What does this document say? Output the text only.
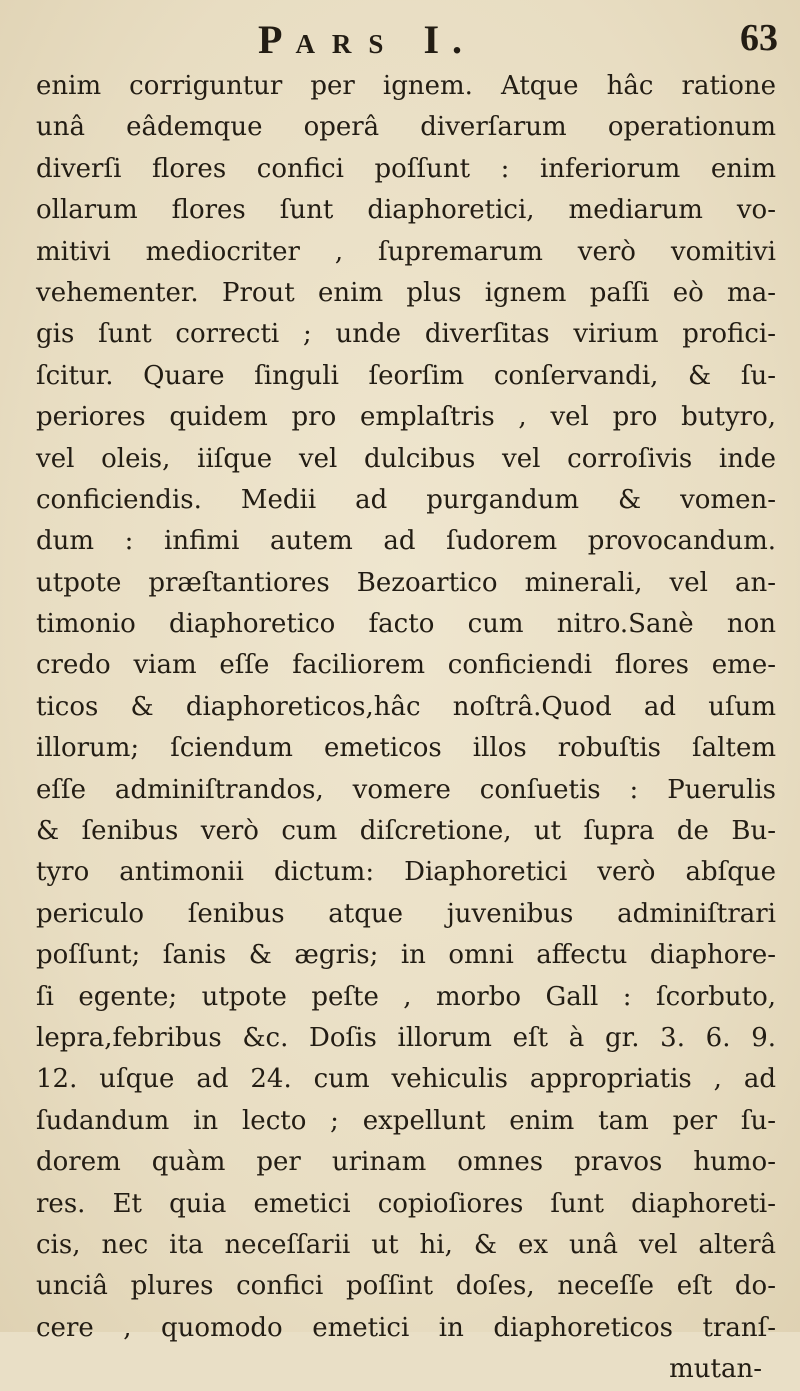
PARS I.	63
enim corriguntur per ignem. Atque hâc ratione
unâ eâdemque operâ diverſarum operationum
diverſi flores confici poſſunt : inferiorum enim
ollarum flores ſunt diaphoretici, mediarum vo-
mitivi mediocriter , ſupremarum verò vomitivi
vehementer. Prout enim plus ignem paſſi eò ma-
gis ſunt correcti ; unde diverſitas virium profici-
ſcitur. Quare ſinguli ſeorſim conſervandi, & ſu-
periores quidem pro emplaſtris , vel pro butyro,
vel oleis, iiſque vel dulcibus vel corroſivis inde
conficiendis. Medii ad purgandum & vomen-
dum : infimi autem ad ſudorem provocandum.
utpote præſtantiores Bezoartico minerali, vel an-
timonio diaphoretico facto cum nitro.Sanè non
credo viam eſſe faciliorem conficiendi flores eme-
ticos & diaphoreticos,hâc noſtrâ.Quod ad uſum
illorum; ſciendum emeticos illos robuſtis ſaltem
eſſe adminiſtrandos, vomere conſuetis : Puerulis
& ſenibus verò cum diſcretione, ut ſupra de Bu-
tyro antimonii dictum: Diaphoretici verò abſque
periculo ſenibus atque juvenibus adminiſtrari
poſſunt; ſanis & ægris; in omni affectu diaphore-
ſi egente; utpote peſte , morbo Gall : ſcorbuto,
lepra,febribus &c. Doſis illorum eſt à gr. 3. 6. 9.
12. uſque ad 24. cum vehiculis appropriatis , ad
ſudandum in lecto ; expellunt enim tam per ſu-
dorem quàm per urinam omnes pravos humo-
res. Et quia emetici copioſiores ſunt diaphoreti-
cis, nec ita neceſſarii ut hi, & ex unâ vel alterâ
unciâ plures confici poſſint doſes, neceſſe eſt do-
cere , quomodo emetici in diaphoreticos tranſ-
mutan-
